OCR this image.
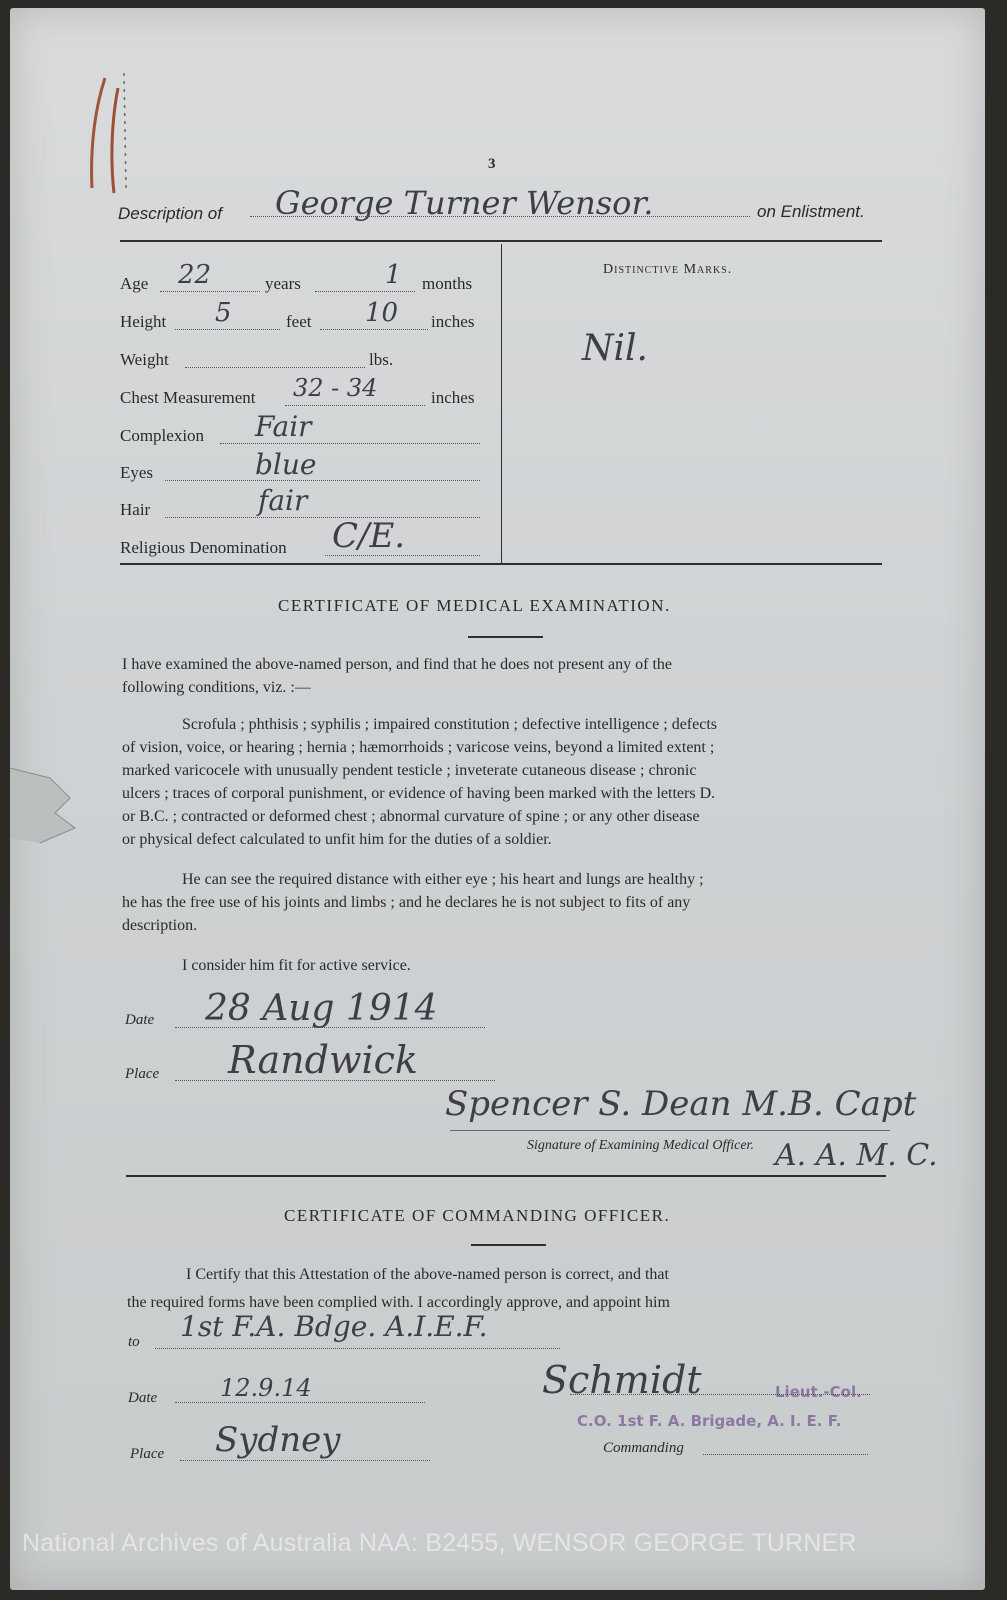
3
Description of George Turner Wensor.	on Enlistment.
Age 22	years	1 months
Height 5	feet 10 inches
Weight	lbs.
Chest Measurement 32 - 34	inches
Complexion Fair
Eyes	blue
Hair	fair
Religious Denomination C/E.
Distinctive Marks.
Nil.
CERTIFICATE OF MEDICAL EXAMINATION.
I have examined the above-named person, and find that he does not present any of the
following conditions, viz. :—
Scrofula ; phthisis ; syphilis ; impaired constitution ; defective intelligence ; defects
of vision, voice, or hearing ; hernia ; hæmorrhoids ; varicose veins, beyond a limited extent ;
marked varicocele with unusually pendent testicle ; inveterate cutaneous disease ; chronic
ulcers ; traces of corporal punishment, or evidence of having been marked with the letters D.
or B.C. ; contracted or deformed chest ; abnormal curvature of spine ; or any other disease
or physical defect calculated to unfit him for the duties of a soldier.
He can see the required distance with either eye ; his heart and lungs are healthy ;
he has the free use of his joints and limbs ; and he declares he is not subject to fits of any
description.
I consider him fit for active service.
Date 28 Aug 1914
Place Randwick
Spencer S. Dean M.B. Capt
A. A. M. C.
Signature of Examining Medical Officer.
CERTIFICATE OF COMMANDING OFFICER.
I Certify that this Attestation of the above-named person is correct, and that
the required forms have been complied with. I accordingly approve, and appoint him
to 1st F.A. Bdge. A.I.E.F.
Date	12.9.14
Place Sydney
Schmidt	Lieut.-Col.
C.O. 1st F. A. Brigade, A. I. E. F.
Commanding
National Archives of Australia NAA: B2455, WENSOR GEORGE TURNER
